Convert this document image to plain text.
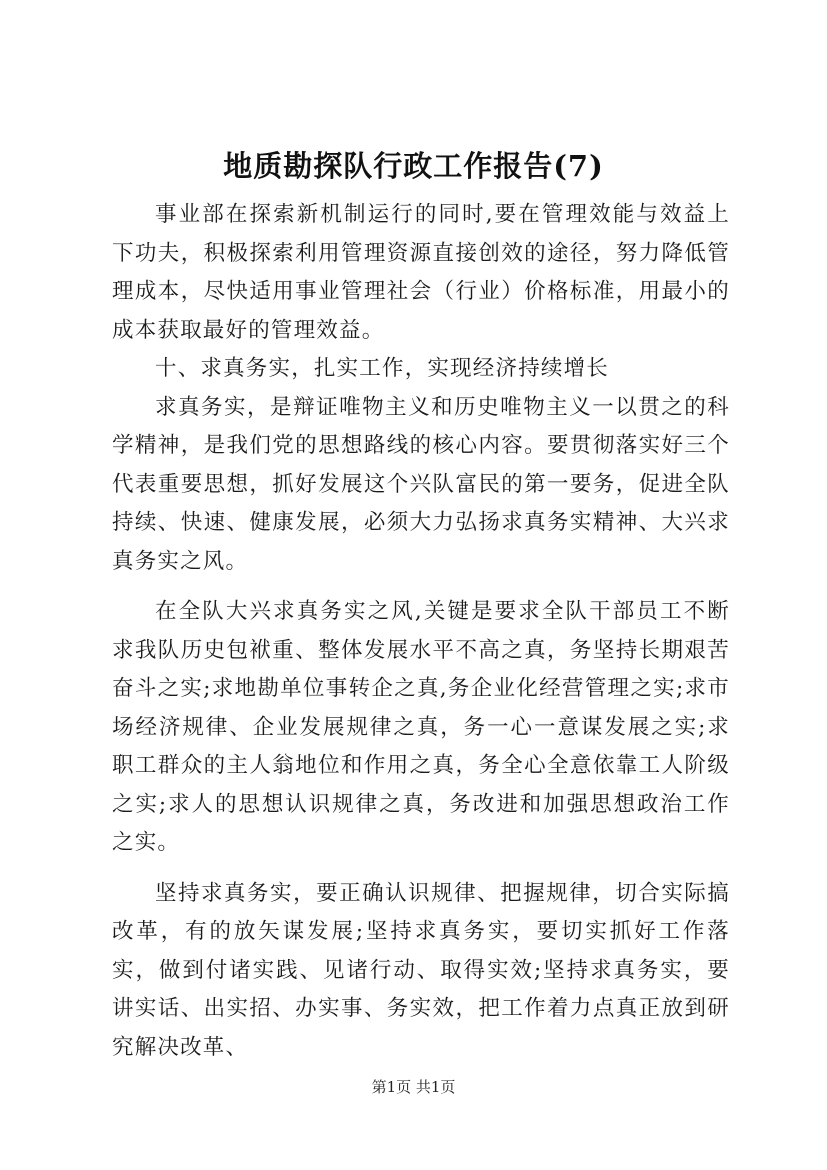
地质勘探队行政工作报告(7)

事业部在探索新机制运行的同时,要在管理效能与效益上下功夫，积极探索利用管理资源直接创效的途径，努力降低管理成本，尽快适用事业管理社会（行业）价格标准，用最小的成本获取最好的管理效益。

十、求真务实，扎实工作，实现经济持续增长

求真务实，是辩证唯物主义和历史唯物主义一以贯之的科学精神，是我们党的思想路线的核心内容。要贯彻落实好三个代表重要思想，抓好发展这个兴队富民的第一要务，促进全队持续、快速、健康发展，必须大力弘扬求真务实精神、大兴求真务实之风。

在全队大兴求真务实之风,关键是要求全队干部员工不断求我队历史包袱重、整体发展水平不高之真，务坚持长期艰苦奋斗之实;求地勘单位事转企之真,务企业化经营管理之实;求市场经济规律、企业发展规律之真，务一心一意谋发展之实;求职工群众的主人翁地位和作用之真，务全心全意依靠工人阶级之实;求人的思想认识规律之真，务改进和加强思想政治工作之实。

坚持求真务实，要正确认识规律、把握规律，切合实际搞改革，有的放矢谋发展;坚持求真务实，要切实抓好工作落实，做到付诸实践、见诸行动、取得实效;坚持求真务实，要讲实话、出实招、办实事、务实效，把工作着力点真正放到研究解决改革、

第1页 共1页
